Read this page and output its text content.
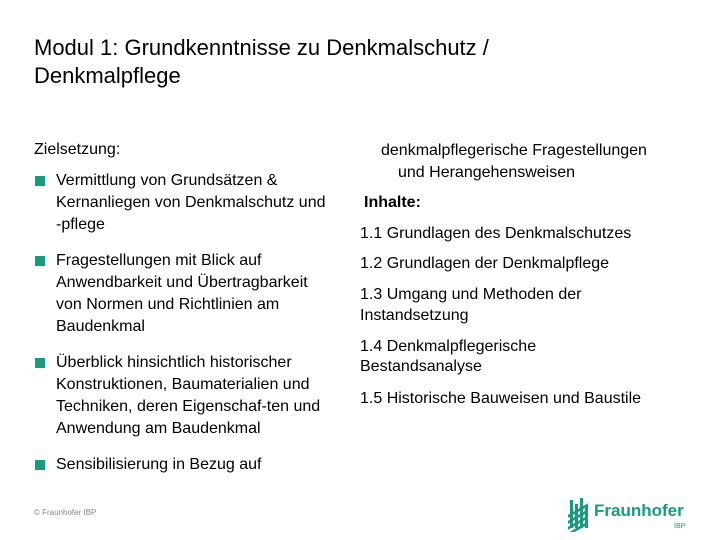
Modul 1: Grundkenntnisse zu Denkmalschutz /
Denkmalpflege
Zielsetzung:
Vermittlung von Grundsätzen &
Kernanliegen von Denkmalschutz und
-pflege
Fragestellungen mit Blick auf
Anwendbarkeit und Übertragbarkeit
von Normen und Richtlinien am
Baudenkmal
Überblick hinsichtlich historischer
Konstruktionen, Baumaterialien und
Techniken, deren Eigenschaf-ten und
Anwendung am Baudenkmal
Sensibilisierung in Bezug auf
denkmalpflegerische Fragestellungen
und Herangehensweisen
Inhalte:
1.1 Grundlagen des Denkmalschutzes
1.2 Grundlagen der Denkmalpflege
1.3 Umgang und Methoden der
Instandsetzung
1.4 Denkmalpflegerische
Bestandsanalyse
1.5 Historische Bauweisen und Baustile
© Fraunhofer IBP	Fraunhofer
IBP
